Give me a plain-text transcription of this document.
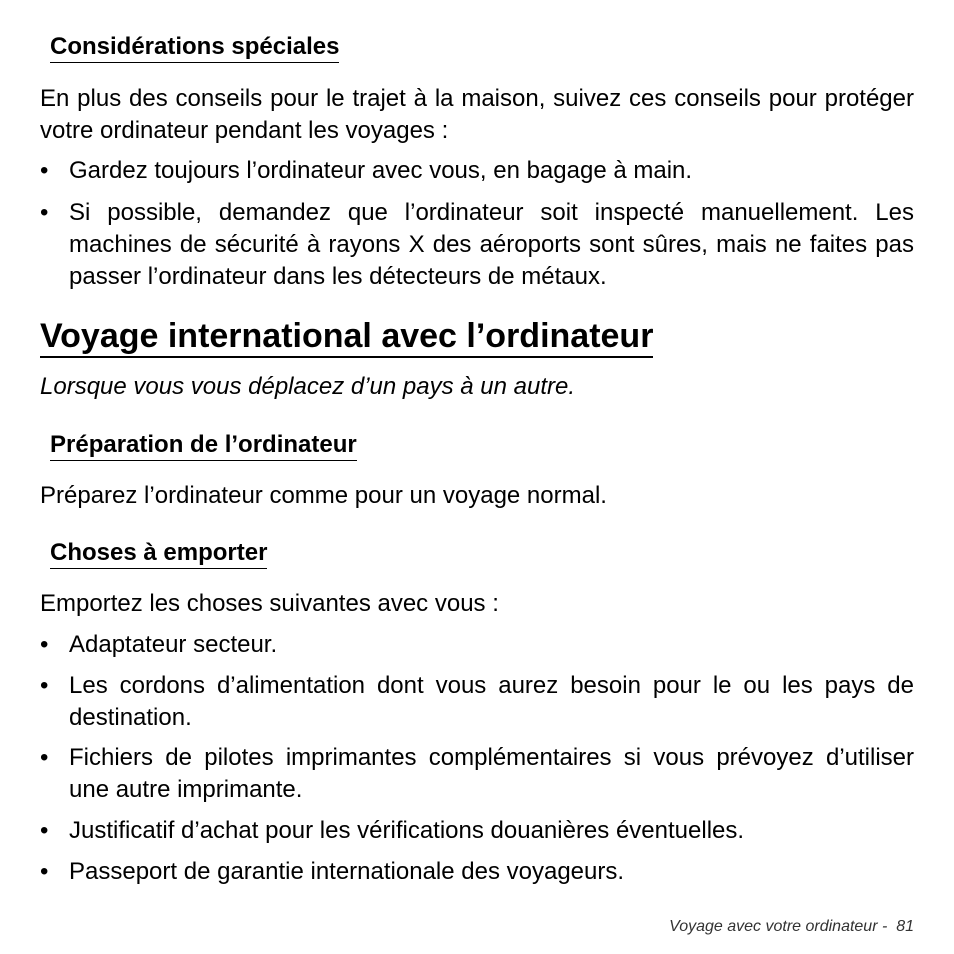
Considérations spéciales

En plus des conseils pour le trajet à la maison, suivez ces conseils pour protéger votre ordinateur pendant les voyages :

• Gardez toujours l’ordinateur avec vous, en bagage à main.
• Si possible, demandez que l’ordinateur soit inspecté manuellement. Les machines de sécurité à rayons X des aéroports sont sûres, mais ne faites pas passer l’ordinateur dans les détecteurs de métaux.
Voyage international avec l’ordinateur

Lorsque vous vous déplacez d’un pays à un autre.

Préparation de l’ordinateur

Préparez l’ordinateur comme pour un voyage normal.

Choses à emporter

Emportez les choses suivantes avec vous :

• Adaptateur secteur.
• Les cordons d’alimentation dont vous aurez besoin pour le ou les pays de destination.
• Fichiers de pilotes imprimantes complémentaires si vous prévoyez d’utiliser une autre imprimante.
• Justificatif d’achat pour les vérifications douanières éventuelles.
• Passeport de garantie internationale des voyageurs.
Voyage avec votre ordinateur -  81
